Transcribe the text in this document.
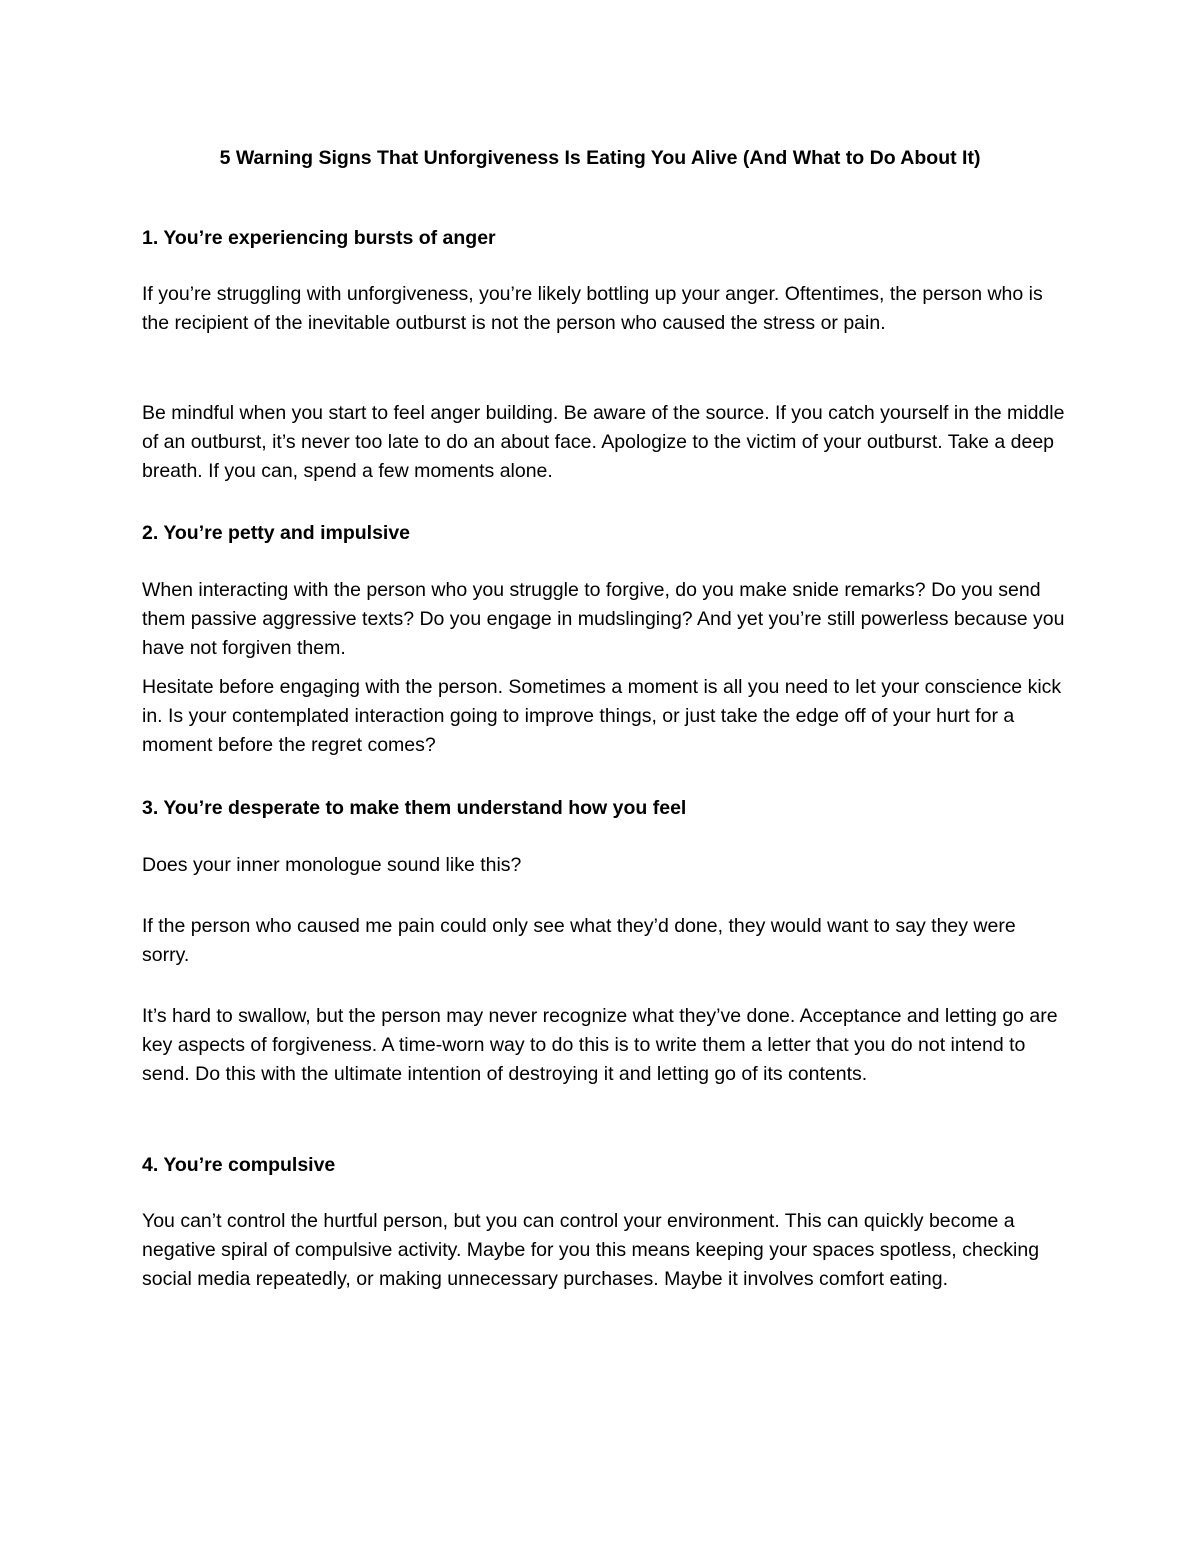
5 Warning Signs That Unforgiveness Is Eating You Alive (And What to Do About It)
1. You’re experiencing bursts of anger
If you’re struggling with unforgiveness, you’re likely bottling up your anger. Oftentimes, the person who is the recipient of the inevitable outburst is not the person who caused the stress or pain.
Be mindful when you start to feel anger building. Be aware of the source. If you catch yourself in the middle of an outburst, it’s never too late to do an about face. Apologize to the victim of your outburst. Take a deep breath. If you can, spend a few moments alone.
2. You’re petty and impulsive
When interacting with the person who you struggle to forgive, do you make snide remarks? Do you send them passive aggressive texts? Do you engage in mudslinging? And yet you’re still powerless because you have not forgiven them.
Hesitate before engaging with the person. Sometimes a moment is all you need to let your conscience kick in. Is your contemplated interaction going to improve things, or just take the edge off of your hurt for a moment before the regret comes?
3. You’re desperate to make them understand how you feel
Does your inner monologue sound like this?
If the person who caused me pain could only see what they’d done, they would want to say they were sorry.
It’s hard to swallow, but the person may never recognize what they’ve done. Acceptance and letting go are key aspects of forgiveness. A time-worn way to do this is to write them a letter that you do not intend to send. Do this with the ultimate intention of destroying it and letting go of its contents.
4. You’re compulsive
You can’t control the hurtful person, but you can control your environment. This can quickly become a negative spiral of compulsive activity. Maybe for you this means keeping your spaces spotless, checking social media repeatedly, or making unnecessary purchases. Maybe it involves comfort eating.
